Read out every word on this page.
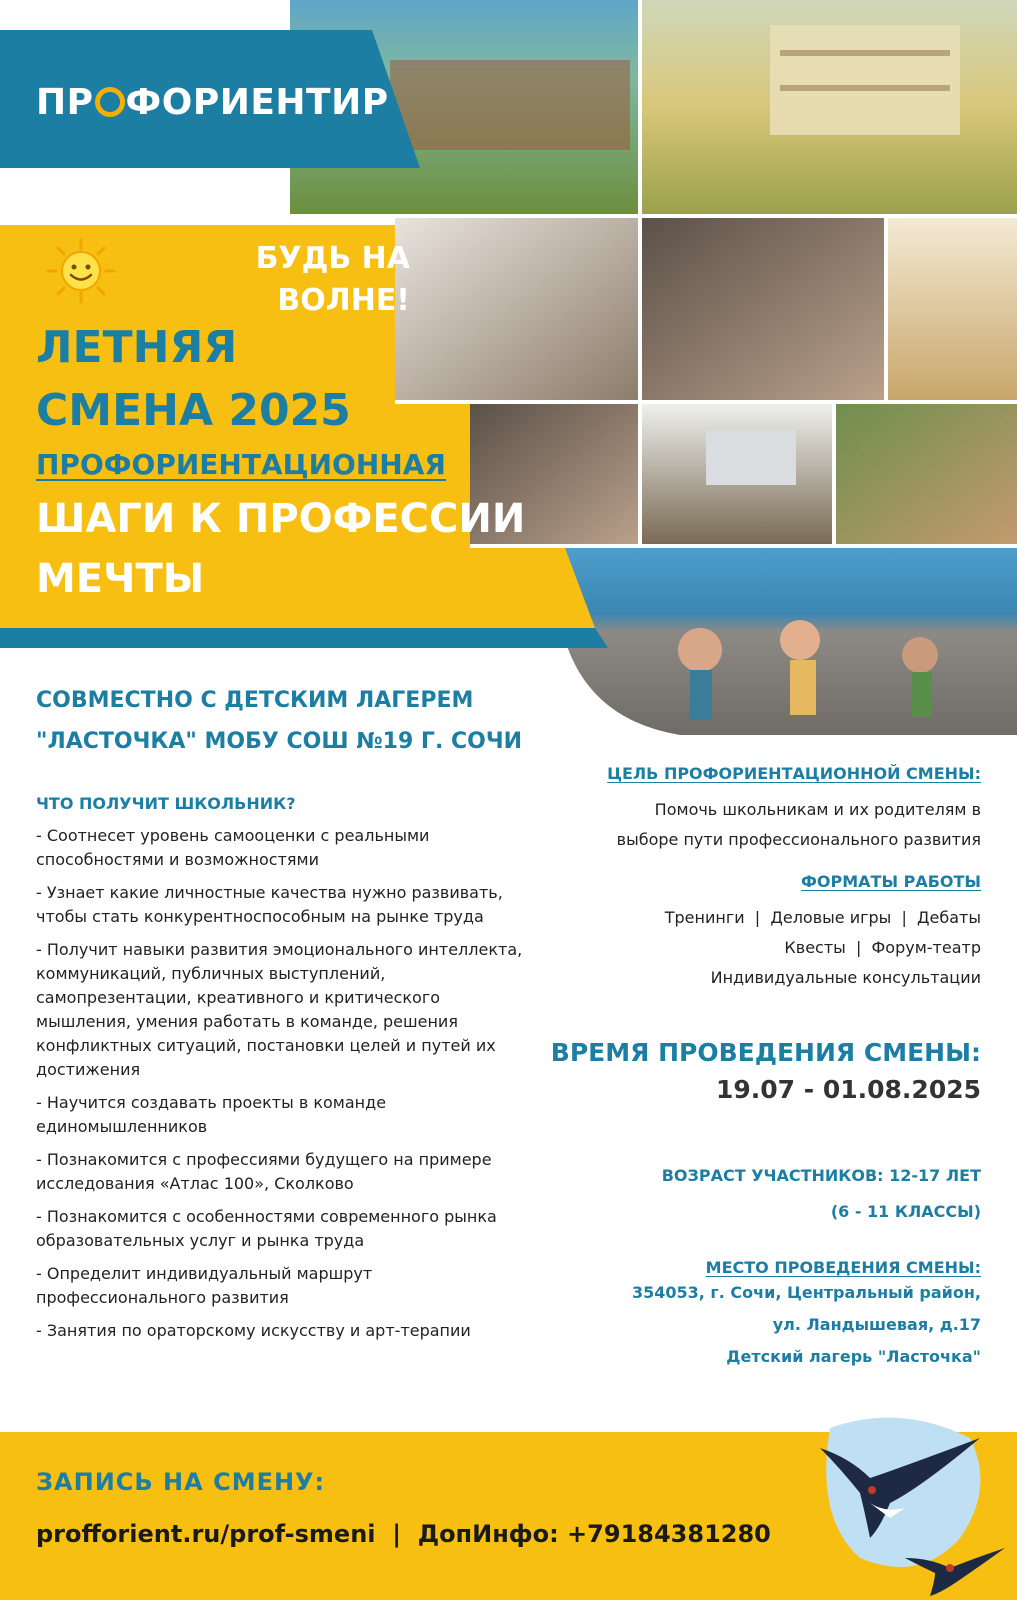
ПР ФОРИЕНТИР
БУДЬ НА
ВОЛНЕ!
ЛЕТНЯЯ
СМЕНА 2025
ПРОФОРИЕНТАЦИОННАЯ
ШАГИ К ПРОФЕССИИ
МЕЧТЫ
СОВМЕСТНО С ДЕТСКИМ ЛАГЕРЕМ
"ЛАСТОЧКА" МОБУ СОШ №19 Г. СОЧИ
ЧТО ПОЛУЧИТ ШКОЛЬНИК?

- Соотнесет уровень самооценки с реальными способностями и возможностями

- Узнает какие личностные качества нужно развивать, чтобы стать конкурентноспособным на рынке труда

- Получит навыки развития эмоционального интеллекта, коммуникаций, публичных выступлений, самопрезентации, креативного и критического мышления, умения работать в команде, решения конфликтных ситуаций, постановки целей и путей их достижения

- Научится создавать проекты в команде единомышленников

- Познакомится с профессиями будущего на примере исследования «Атлас 100», Сколково

- Познакомится с особенностями современного рынка образовательных услуг и рынка труда

- Определит индивидуальный маршрут профессионального развития

- Занятия по ораторскому искусству и арт-терапии

ЦЕЛЬ ПРОФОРИЕНТАЦИОННОЙ СМЕНЫ:
Помочь школьникам и их родителям в
выборе пути профессионального развития
ФОРМАТЫ РАБОТЫ
Тренинги  |  Деловые игры  |  Дебаты
Квесты  |  Форум-театр
Индивидуальные консультации
ВРЕМЯ ПРОВЕДЕНИЯ СМЕНЫ:
19.07 - 01.08.2025
ВОЗРАСТ УЧАСТНИКОВ: 12-17 ЛЕТ
(6 - 11 КЛАССЫ)
МЕСТО ПРОВЕДЕНИЯ СМЕНЫ:
354053, г. Сочи, Центральный район,
ул. Ландышевая, д.17
Детский лагерь "Ласточка"
ЗАПИСЬ НА СМЕНУ:
profforient.ru/prof-smeni  |  ДопИнфо: +79184381280
